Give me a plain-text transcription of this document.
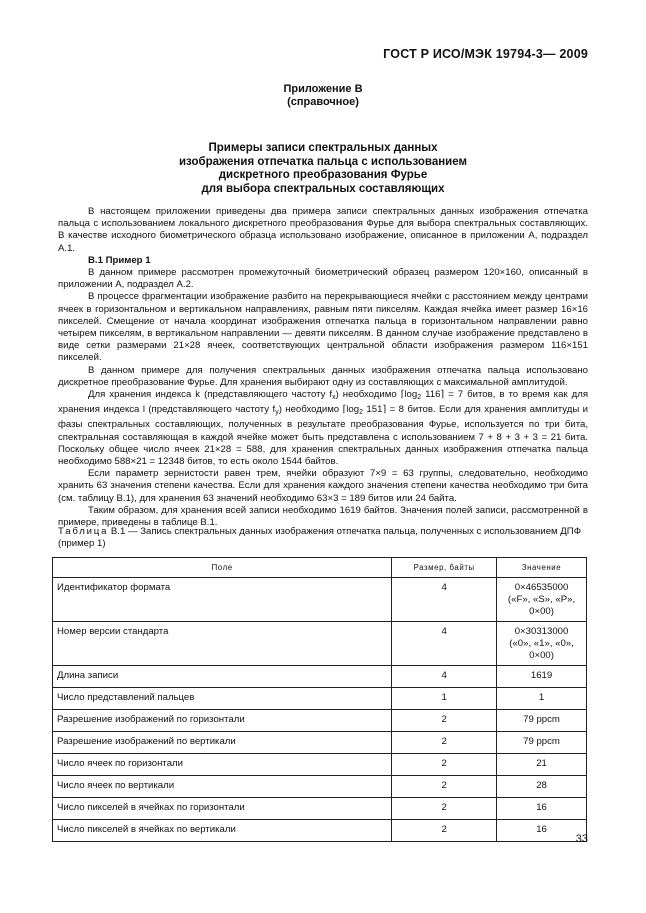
ГОСТ Р ИСО/МЭК 19794-3— 2009
Приложение В
(справочное)
Примеры записи спектральных данных
изображения отпечатка пальца с использованием
дискретного преобразования Фурье
для выбора спектральных составляющих

В настоящем приложении приведены два примера записи спектральных данных изображения отпечатка пальца с использованием локального дискретного преобразования Фурье для выбора спектральных составляющих. В качестве исходного биометрического образца использовано изображение, описанное в приложении А, подраздел А.1.

В.1 Пример 1

В данном примере рассмотрен промежуточный биометрический образец размером 120×160, описанный в приложении А, подраздел А.2.

В процессе фрагментации изображение разбито на перекрывающиеся ячейки с расстоянием между центрами ячеек в горизонтальном и вертикальном направлениях, равным пяти пикселям. Каждая ячейка имеет размер 16×16 пикселей. Смещение от начала координат изображения отпечатка пальца в горизонтальном направлении равно четырем пикселям, в вертикальном направлении — девяти пикселям. В данном случае изображение представлено в виде сетки размерами 21×28 ячеек, соответствующих центральной области изображения размером 116×151 пикселей.

В данном примере для получения спектральных данных изображения отпечатка пальца использовано дискретное преобразование Фурье. Для хранения выбирают одну из составляющих с максимальной амплитудой.

Для хранения индекса k (представляющего частоту $f_x$) необходимо $⌈\log_2$ 116⌉ = 7 битов, в то время как для хранения индекса l (представляющего частоту $f_y$) необходимо $⌈\log_2$ 151⌉ = 8 битов. Если для хранения амплитуды и фазы спектральных составляющих, полученных в результате преобразования Фурье, используется по три бита, спектральная составляющая в каждой ячейке может быть представлена с использованием 7 + 8 + 3 + 3 = 21 бита. Поскольку общее число ячеек 21×28 = 588, для хранения спектральных данных изображения отпечатка пальца необходимо 588×21 = 12348 битов, то есть около 1544 байтов.

Если параметр зернистости равен трем, ячейки образуют 7×9 = 63 группы, следовательно, необходимо хранить 63 значения степени качества. Если для хранения каждого значения степени качества необходимо три бита (см. таблицу В.1), для хранения 63 значений необходимо 63×3 = 189 битов или 24 байта.

Таким образом, для хранения всей записи необходимо 1619 байтов. Значения полей записи, рассмотренной в примере, приведены в таблице В.1.

Таблица В.1 — Запись спектральных данных изображения отпечатка пальца, полученных с использованием ДПФ (пример 1)
Поле	Размер, байты	Значение
Идентификатор формата	4	0×46535000
(«F», «S», «P»,
0×00)

Номер версии стандарта	4	0×30313000
(«0», «1», «0»,
0×00)

Длина записи	4	1619
Число представлений пальцев	1	1
Разрешение изображений по горизонтали	2	79 ppcm
Разрешение изображений по вертикали	2	79 ppcm
Число ячеек по горизонтали	2	21
Число ячеек по вертикали	2	28
Число пикселей в ячейках по горизонтали	2	16
Число пикселей в ячейках по вертикали	2	16
33
